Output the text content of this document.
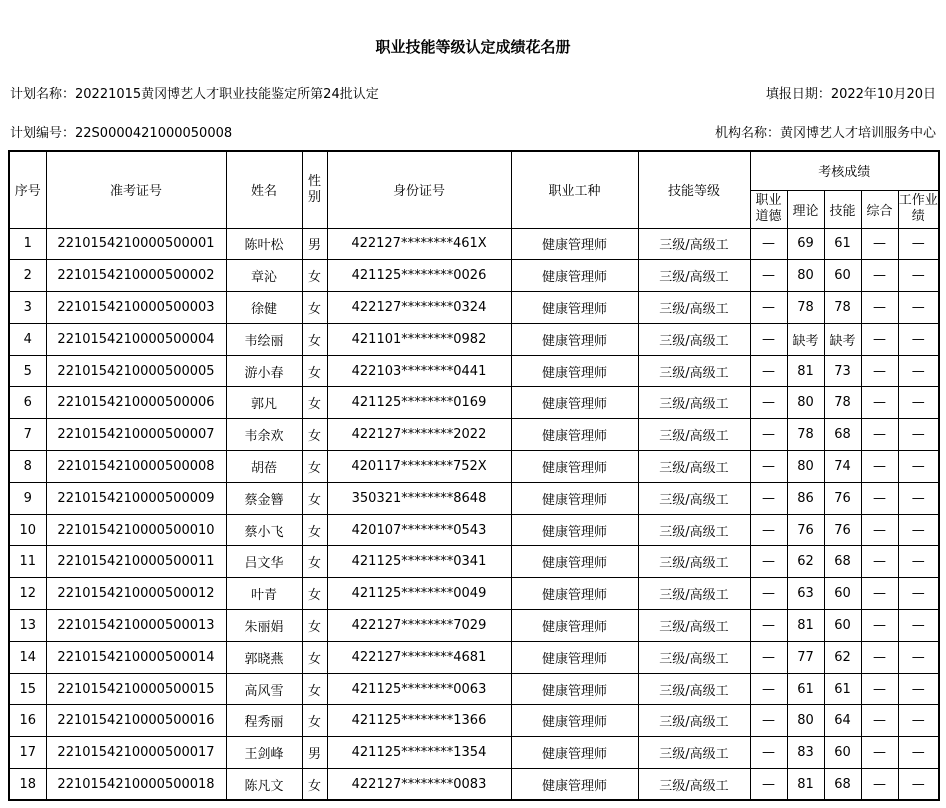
职业技能等级认定成绩花名册
计划名称：20221015黄冈博艺人才职业技能鉴定所第24批认定	填报日期：2022年10月20日
计划编号：22S000042100005000​8	机构名称：黄冈博艺人才培训服务中心
序号	准考证号	姓名	性别	身份证号	职业工种	技能等级	考核成绩				
							职业道德	理论	技能	综合	工作业绩
1	2210154210000500001	陈叶松	男	422127********461X	健康管理师	三级/高级工	—	69	61	—	—
2	2210154210000500002	章沁	女	421125********0026	健康管理师	三级/高级工	—	80	60	—	—
3	2210154210000500003	徐健	女	422127********0324	健康管理师	三级/高级工	—	78	78	—	—
4	2210154210000500004	韦绘丽	女	421101********0982	健康管理师	三级/高级工	—	缺考	缺考	—	—
5	2210154210000500005	游小春	女	422103********0441	健康管理师	三级/高级工	—	81	73	—	—
6	2210154210000500006	郭凡	女	421125********0169	健康管理师	三级/高级工	—	80	78	—	—
7	2210154210000500007	韦余欢	女	422127********2022	健康管理师	三级/高级工	—	78	68	—	—
8	2210154210000500008	胡蓓	女	420117********752X	健康管理师	三级/高级工	—	80	74	—	—
9	2210154210000500009	蔡金簪	女	350321********8648	健康管理师	三级/高级工	—	86	76	—	—
10	2210154210000500010	蔡小飞	女	420107********0543	健康管理师	三级/高级工	—	76	76	—	—
11	2210154210000500011	吕文华	女	421125********0341	健康管理师	三级/高级工	—	62	68	—	—
12	2210154210000500012	叶青	女	421125********0049	健康管理师	三级/高级工	—	63	60	—	—
13	2210154210000500013	朱丽娟	女	422127********7029	健康管理师	三级/高级工	—	81	60	—	—
14	2210154210000500014	郭晓燕	女	422127********4681	健康管理师	三级/高级工	—	77	62	—	—
15	2210154210000500015	高风雪	女	421125********0063	健康管理师	三级/高级工	—	61	61	—	—
16	2210154210000500016	程秀丽	女	421125********1366	健康管理师	三级/高级工	—	80	64	—	—
17	2210154210000500017	王剑峰	男	421125********1354	健康管理师	三级/高级工	—	83	60	—	—
18	2210154210000500018	陈凡文	女	422127********0083	健康管理师	三级/高级工	—	81	68	—	—
